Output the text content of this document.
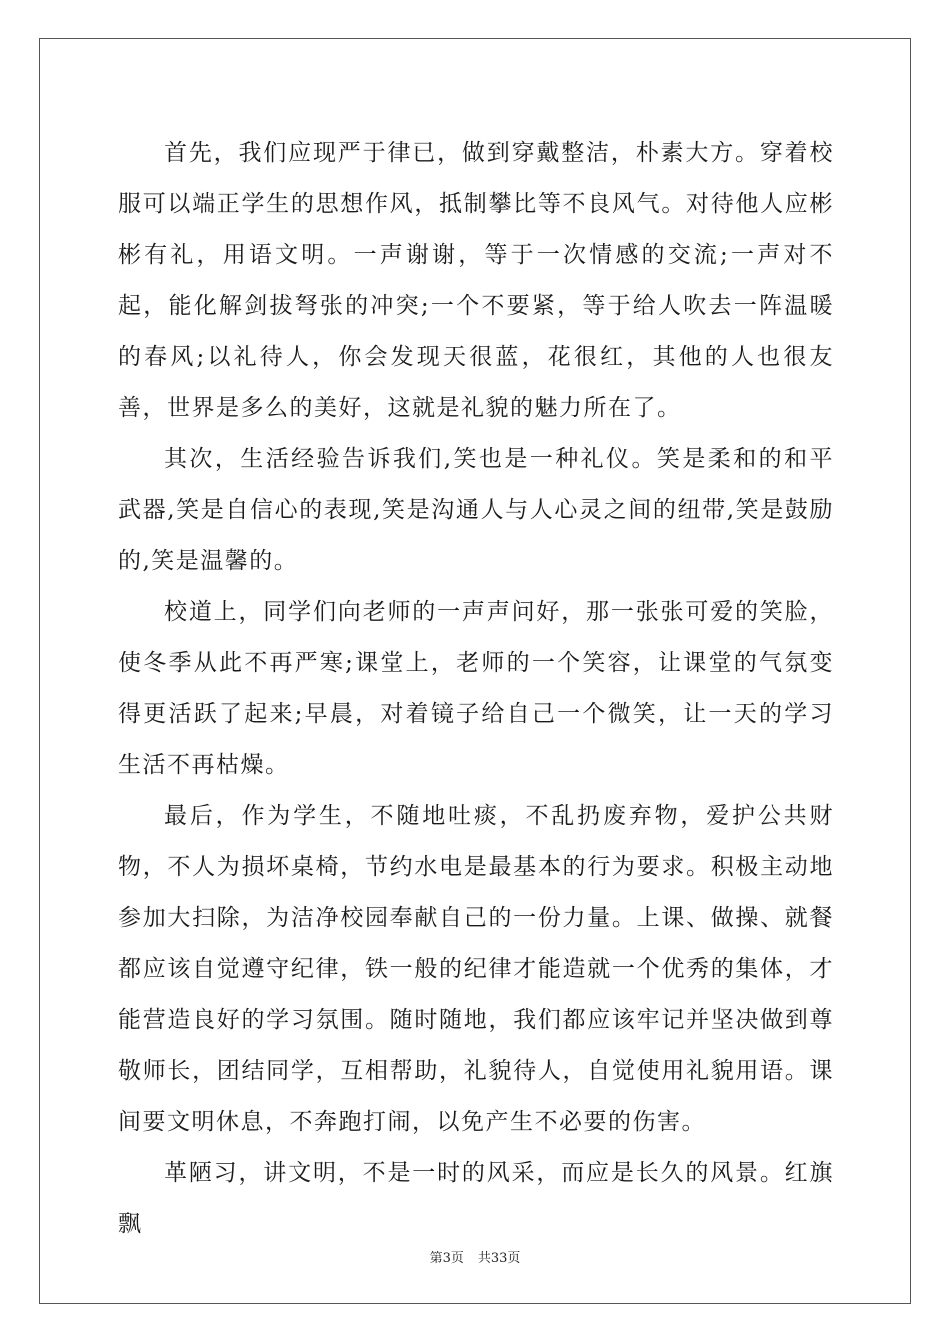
首先，我们应现严于律已，做到穿戴整洁，朴素大方。穿着校服可以端正学生的思想作风，抵制攀比等不良风气。对待他人应彬彬有礼，用语文明。一声谢谢，等于一次情感的交流;一声对不起，能化解剑拔弩张的冲突;一个不要紧，等于给人吹去一阵温暖的春风;以礼待人，你会发现天很蓝，花很红，其他的人也很友善，世界是多么的美好，这就是礼貌的魅力所在了。

其次，生活经验告诉我们,笑也是一种礼仪。笑是柔和的和平武器,笑是自信心的表现,笑是沟通人与人心灵之间的纽带,笑是鼓励的,笑是温馨的。

校道上，同学们向老师的一声声问好，那一张张可爱的笑脸，使冬季从此不再严寒;课堂上，老师的一个笑容，让课堂的气氛变得更活跃了起来;早晨，对着镜子给自己一个微笑，让一天的学习生活不再枯燥。

最后，作为学生，不随地吐痰，不乱扔废弃物，爱护公共财物，不人为损坏桌椅，节约水电是最基本的行为要求。积极主动地参加大扫除，为洁净校园奉献自己的一份力量。上课、做操、就餐都应该自觉遵守纪律，铁一般的纪律才能造就一个优秀的集体，才能营造良好的学习氛围。随时随地，我们都应该牢记并坚决做到尊敬师长，团结同学，互相帮助，礼貌待人，自觉使用礼貌用语。课间要文明休息，不奔跑打闹，以免产生不必要的伤害。

革陋习，讲文明，不是一时的风采，而应是长久的风景。红旗飘

第3页 共33页
